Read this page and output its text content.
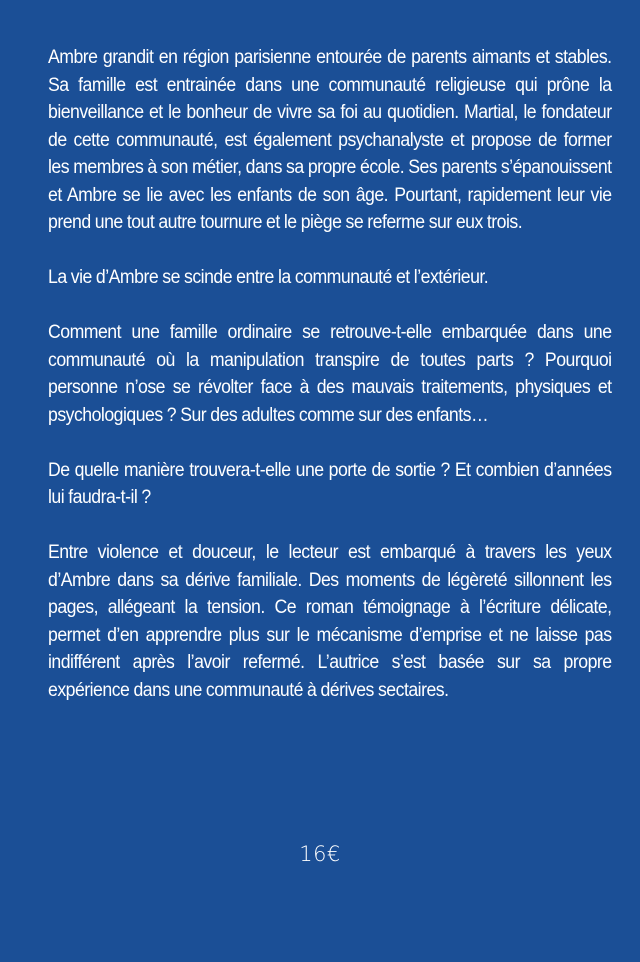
Ambre grandit en région parisienne entourée de parents aimants et stables. Sa famille est entrainée dans une communauté religieuse qui prône la bienveillance et le bonheur de vivre sa foi au quotidien. Martial, le fondateur de cette communauté, est également psychanalyste et propose de former les membres à son métier, dans sa propre école. Ses parents s’épanouissent et Ambre se lie avec les enfants de son âge. Pourtant, rapidement leur vie prend une tout autre tournure et le piège se referme sur eux trois.

La vie d’Ambre se scinde entre la communauté et l’extérieur.

Comment une famille ordinaire se retrouve-t-elle embarquée dans une communauté où la manipulation transpire de toutes parts ? Pourquoi personne n’ose se révolter face à des mauvais traitements, physiques et psychologiques ? Sur des adultes comme sur des enfants…

De quelle manière trouvera-t-elle une porte de sortie ? Et combien d’années lui faudra-t-il ?

Entre violence et douceur, le lecteur est embarqué à travers les yeux d’Ambre dans sa dérive familiale. Des moments de légèreté sillonnent les pages, allégeant la tension. Ce roman témoignage à l’écriture délicate, permet d’en apprendre plus sur le mécanisme d’emprise et ne laisse pas indifférent après l’avoir refermé. L’autrice s’est basée sur sa propre expérience dans une communauté à dérives sectaires.

16€
